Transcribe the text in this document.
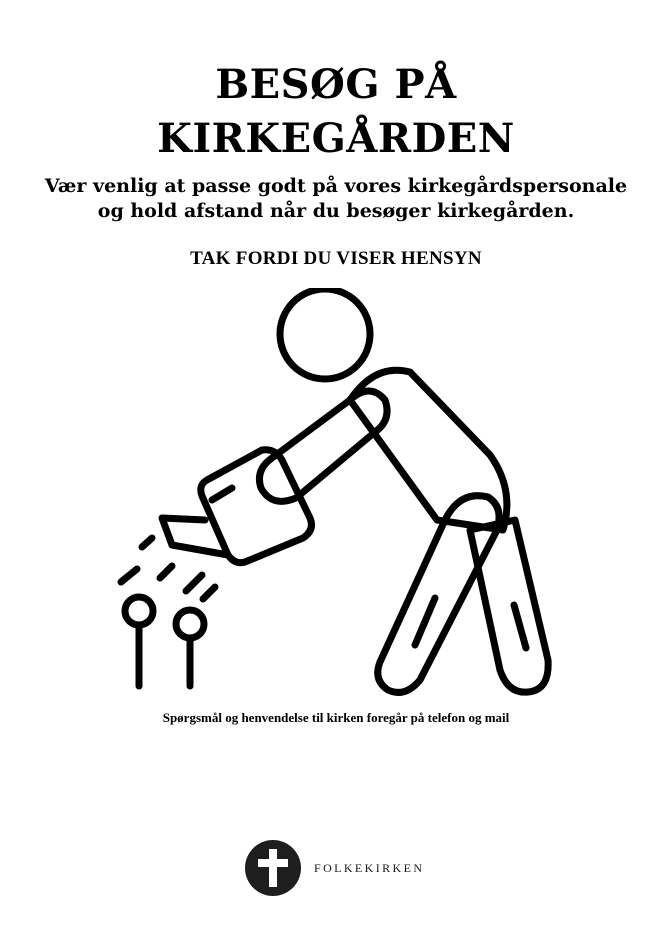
BESØG PÅ
KIRKEGÅRDEN
Vær venlig at passe godt på vores kirkegårdspersonale
og hold afstand når du besøger kirkegården.
TAK FORDI DU VISER HENSYN
Spørgsmål og henvendelse til kirken foregår på telefon og mail
FOLKEKIRKEN
